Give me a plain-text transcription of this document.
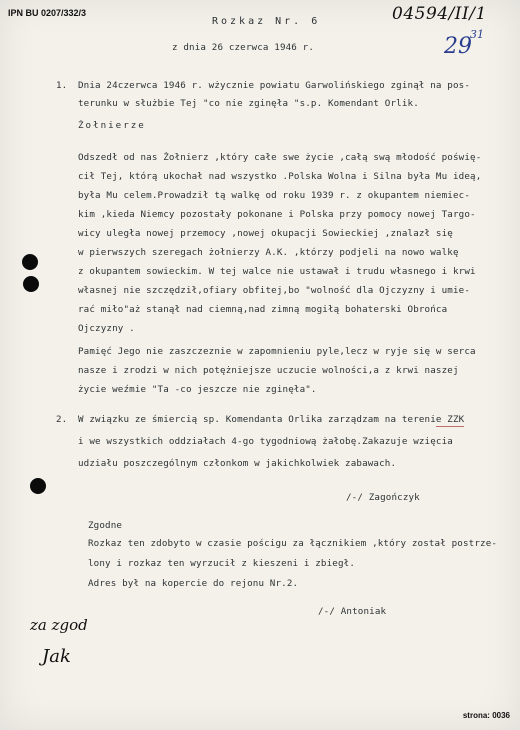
IPN BU 0207/332/3
Rozkaz Nr. 6	04594/II/1
29
31
z dnia 26 czerwca 1946 r.
1. Dnia 24czerwca 1946 r. wżycznie powiatu Garwolińskiego zginął na pos-
terunku w służbie Tej "co nie zginęła "s.p. Komendant Orlik.
Żołnierze
Odszedł od nas Żołnierz ,który całe swe życie ,całą swą młodość poświę-
cił Tej, którą ukochał nad wszystko .Polska Wolna i Silna była Mu ideą,
była Mu celem.Prowadził tą walkę od roku 1939 r. z okupantem niemiec-
kim ,kieda Niemcy pozostały pokonane i Polska przy pomocy nowej Targo-
wicy uległa nowej przemocy ,nowej okupacji Sowieckiej ,znalazł się
w pierwszych szeregach żołnierzy A.K. ,którzy podjeli na nowo walkę
z okupantem sowieckim. W tej walce nie ustawał i trudu własnego i krwi
własnej nie szczędził,ofiary obfitej,bo "wolność dla Ojczyzny i umie-
rać miło"aż stanął nad ciemną,nad zimną mogiłą bohaterski Obrońca
Ojczyzny .
Pamięć Jego nie zaszczeznie w zapomnieniu pyle,lecz w ryje się w serca
nasze i zrodzi w nich potężniejsze uczucie wolności,a z krwi naszej
życie weźmie "Ta -co jeszcze nie zginęła".
2. W związku ze śmiercią sp. Komendanta Orlika zarządzam na terenie ZZK
i we wszystkich oddziałach 4-go tygodniową żałobę.Zakazuje wzięcia
udziału poszczególnym członkom w jakichkolwiek zabawach.
/-/ Zagończyk
Zgodne
Rozkaz ten zdobyto w czasie pościgu za łącznikiem ,który został postrze-
lony i rozkaz ten wyrzucił z kieszeni i zbiegł.
Adres był na kopercie do rejonu Nr.2.
/-/ Antoniak
za zgod
Jak
strona: 0036
